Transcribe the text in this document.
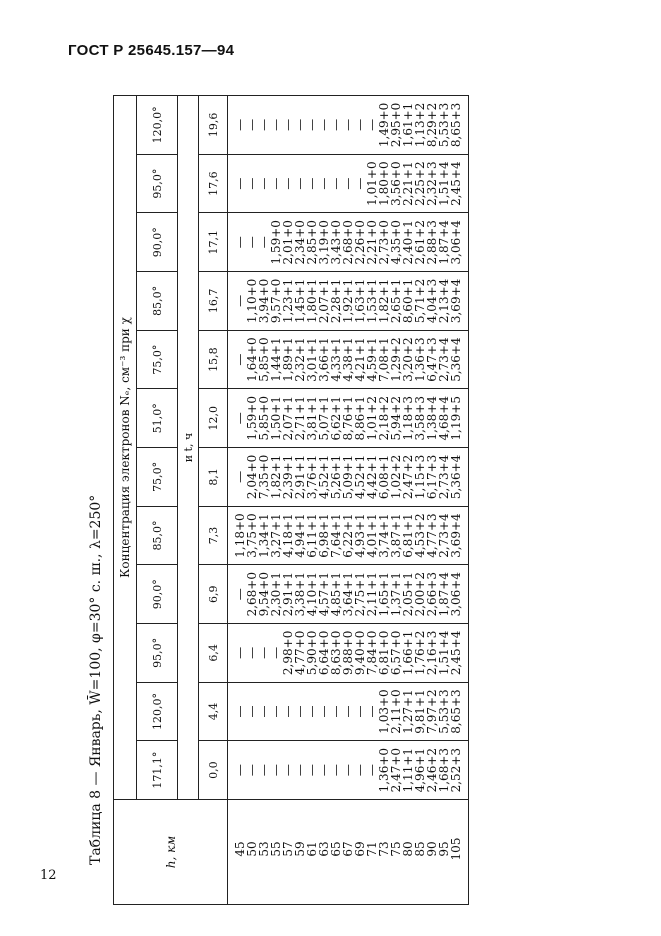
ГОСТ Р 25645.157—94
12
Таблица 8 — Январь, W̄=100, φ=30° с. ш., λ=250°	h, км	Концентрация электронов Nₑ, см⁻³ при χ											
	171,1°	120,0°	95,0°	90,0°	85,0°	75,0°	51,0°	75,0°	85,0°	90,0°	95,0°	120,0°
	и t, ч											
	0,0	4,4	6,4	6,9	7,3	8,1	12,0	15,8	16,7	17,1	17,6	19,6
45	—	—	—	—	1,18+0	—	—	—	—	—	—	—
50	—	—	—	2,68+0	3,75+0	2,04+0	1,59+0	1,64+0	1,10+0	—	—	—
53	—	—	—	9,54+0	1,34+1	7,35+0	5,85+0	5,85+0	3,94+0	—	—	—
55	—	—	—	2,30+1	3,27+1	1,82+1	1,50+1	1,44+1	9,57+0	1,59+0	—	—
57	—	—	2,98+0	2,91+1	4,18+1	2,39+1	2,07+1	1,89+1	1,23+1	2,01+0	—	—
59	—	—	4,77+0	3,38+1	4,94+1	2,91+1	2,71+1	2,32+1	1,45+1	2,34+0	—	—
61	—	—	5,90+0	4,10+1	6,11+1	3,76+1	3,81+1	3,01+1	1,80+1	2,85+0	—	—
63	—	—	6,64+0	4,57+1	6,98+1	4,52+1	5,07+1	3,66+1	2,07+1	3,19+0	—	—
65	—	—	8,63+0	4,85+1	7,64+1	5,26+1	6,62+1	4,33+1	2,28+1	3,43+0	—	—
67	—	—	9,88+0	3,64+1	6,22+1	5,09+1	8,76+1	4,38+1	1,92+1	2,68+0	—	—
69	—	—	9,40+0	2,75+1	4,93+1	4,52+1	8,86+1	4,21+1	1,63+1	2,26+0	—	—
71	—	—	7,84+0	2,11+1	4,01+1	4,42+1	1,01+2	4,59+1	1,53+1	2,21+0	1,01+0	—
73	1,36+0	1,03+0	6,81+0	1,65+1	3,74+1	6,08+1	2,18+2	7,08+1	1,82+1	2,73+0	1,80+0	1,49+0
75	2,47+0	2,11+0	6,57+0	1,37+1	3,87+1	1,02+2	5,94+2	1,29+2	2,65+1	4,35+0	3,56+0	2,95+0
80	1,11+1	1,27+1	1,66+1	2,05+1	6,81+1	2,47+2	1,18+3	3,20+2	8,60+1	2,40+1	2,21+1	1,61+1
85	4,96+1	9,81+1	1,76+2	2,00+2	4,53+2	1,15+3	3,58+3	1,36+3	5,71+2	2,61+2	2,25+2	1,13+2
90	2,46+2	7,97+2	2,16+3	2,66+3	4,77+3	6,17+3	1,38+4	6,47+3	4,04+3	2,88+3	2,32+3	8,29+2
95	1,68+3	5,53+3	1,51+4	1,87+4	2,73+4	2,73+4	4,68+4	2,73+4	2,13+4	1,87+4	1,51+4	5,53+3
105	2,52+3	8,65+3	2,45+4	3,06+4	3,69+4	5,36+4	1,19+5	5,36+4	3,69+4	3,06+4	2,45+4	8,65+3
